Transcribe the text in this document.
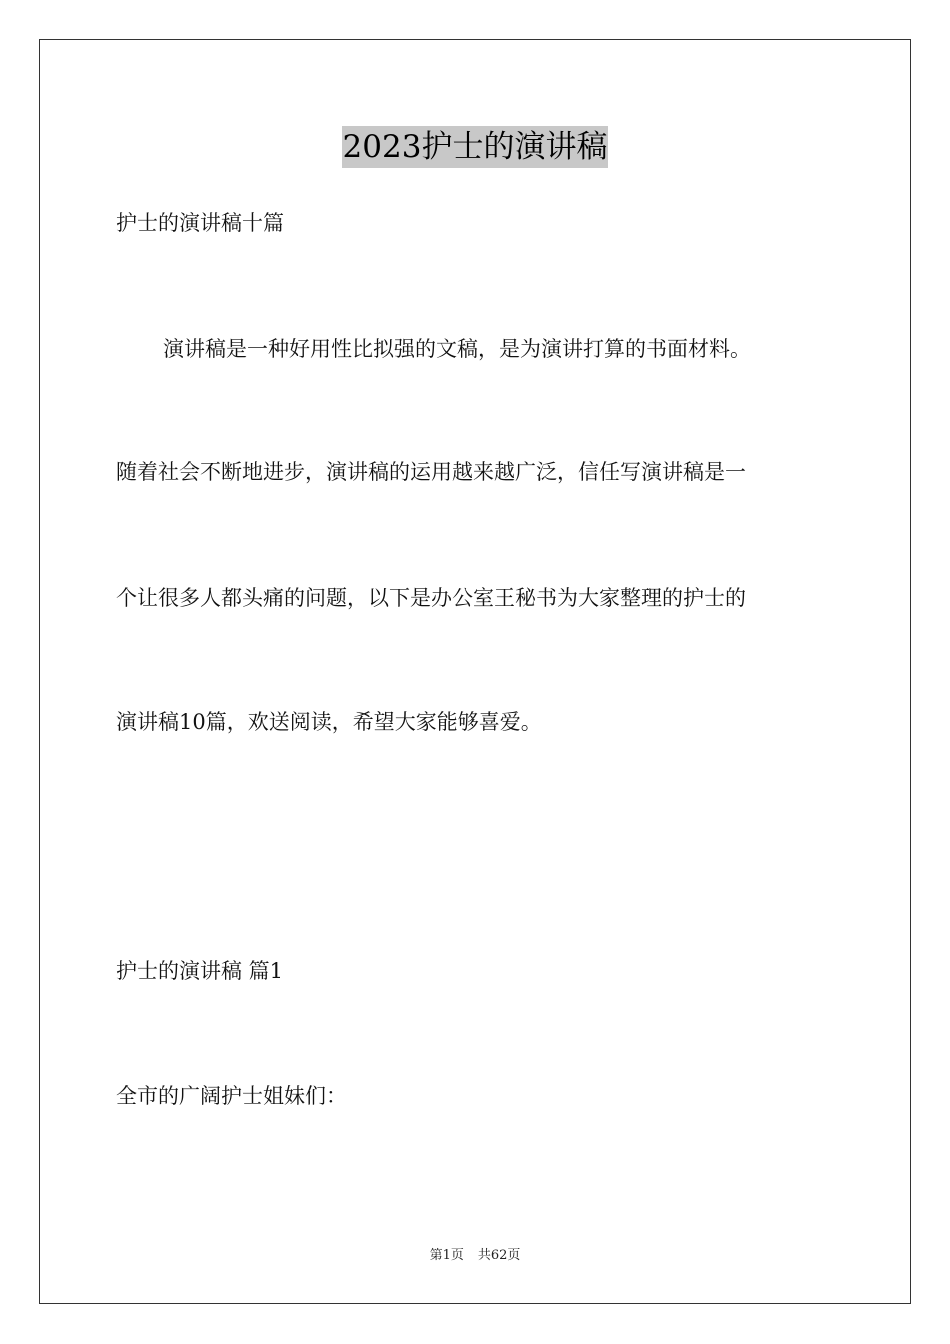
2023护士的演讲稿
护士的演讲稿十篇
演讲稿是一种好用性比拟强的文稿，是为演讲打算的书面材料。
随着社会不断地进步，演讲稿的运用越来越广泛，信任写演讲稿是一
个让很多人都头痛的问题，以下是办公室王秘书为大家整理的护士的
演讲稿10篇，欢送阅读，希望大家能够喜爱。
护士的演讲稿 篇1
全市的广阔护士姐妹们：
第1页 共62页
